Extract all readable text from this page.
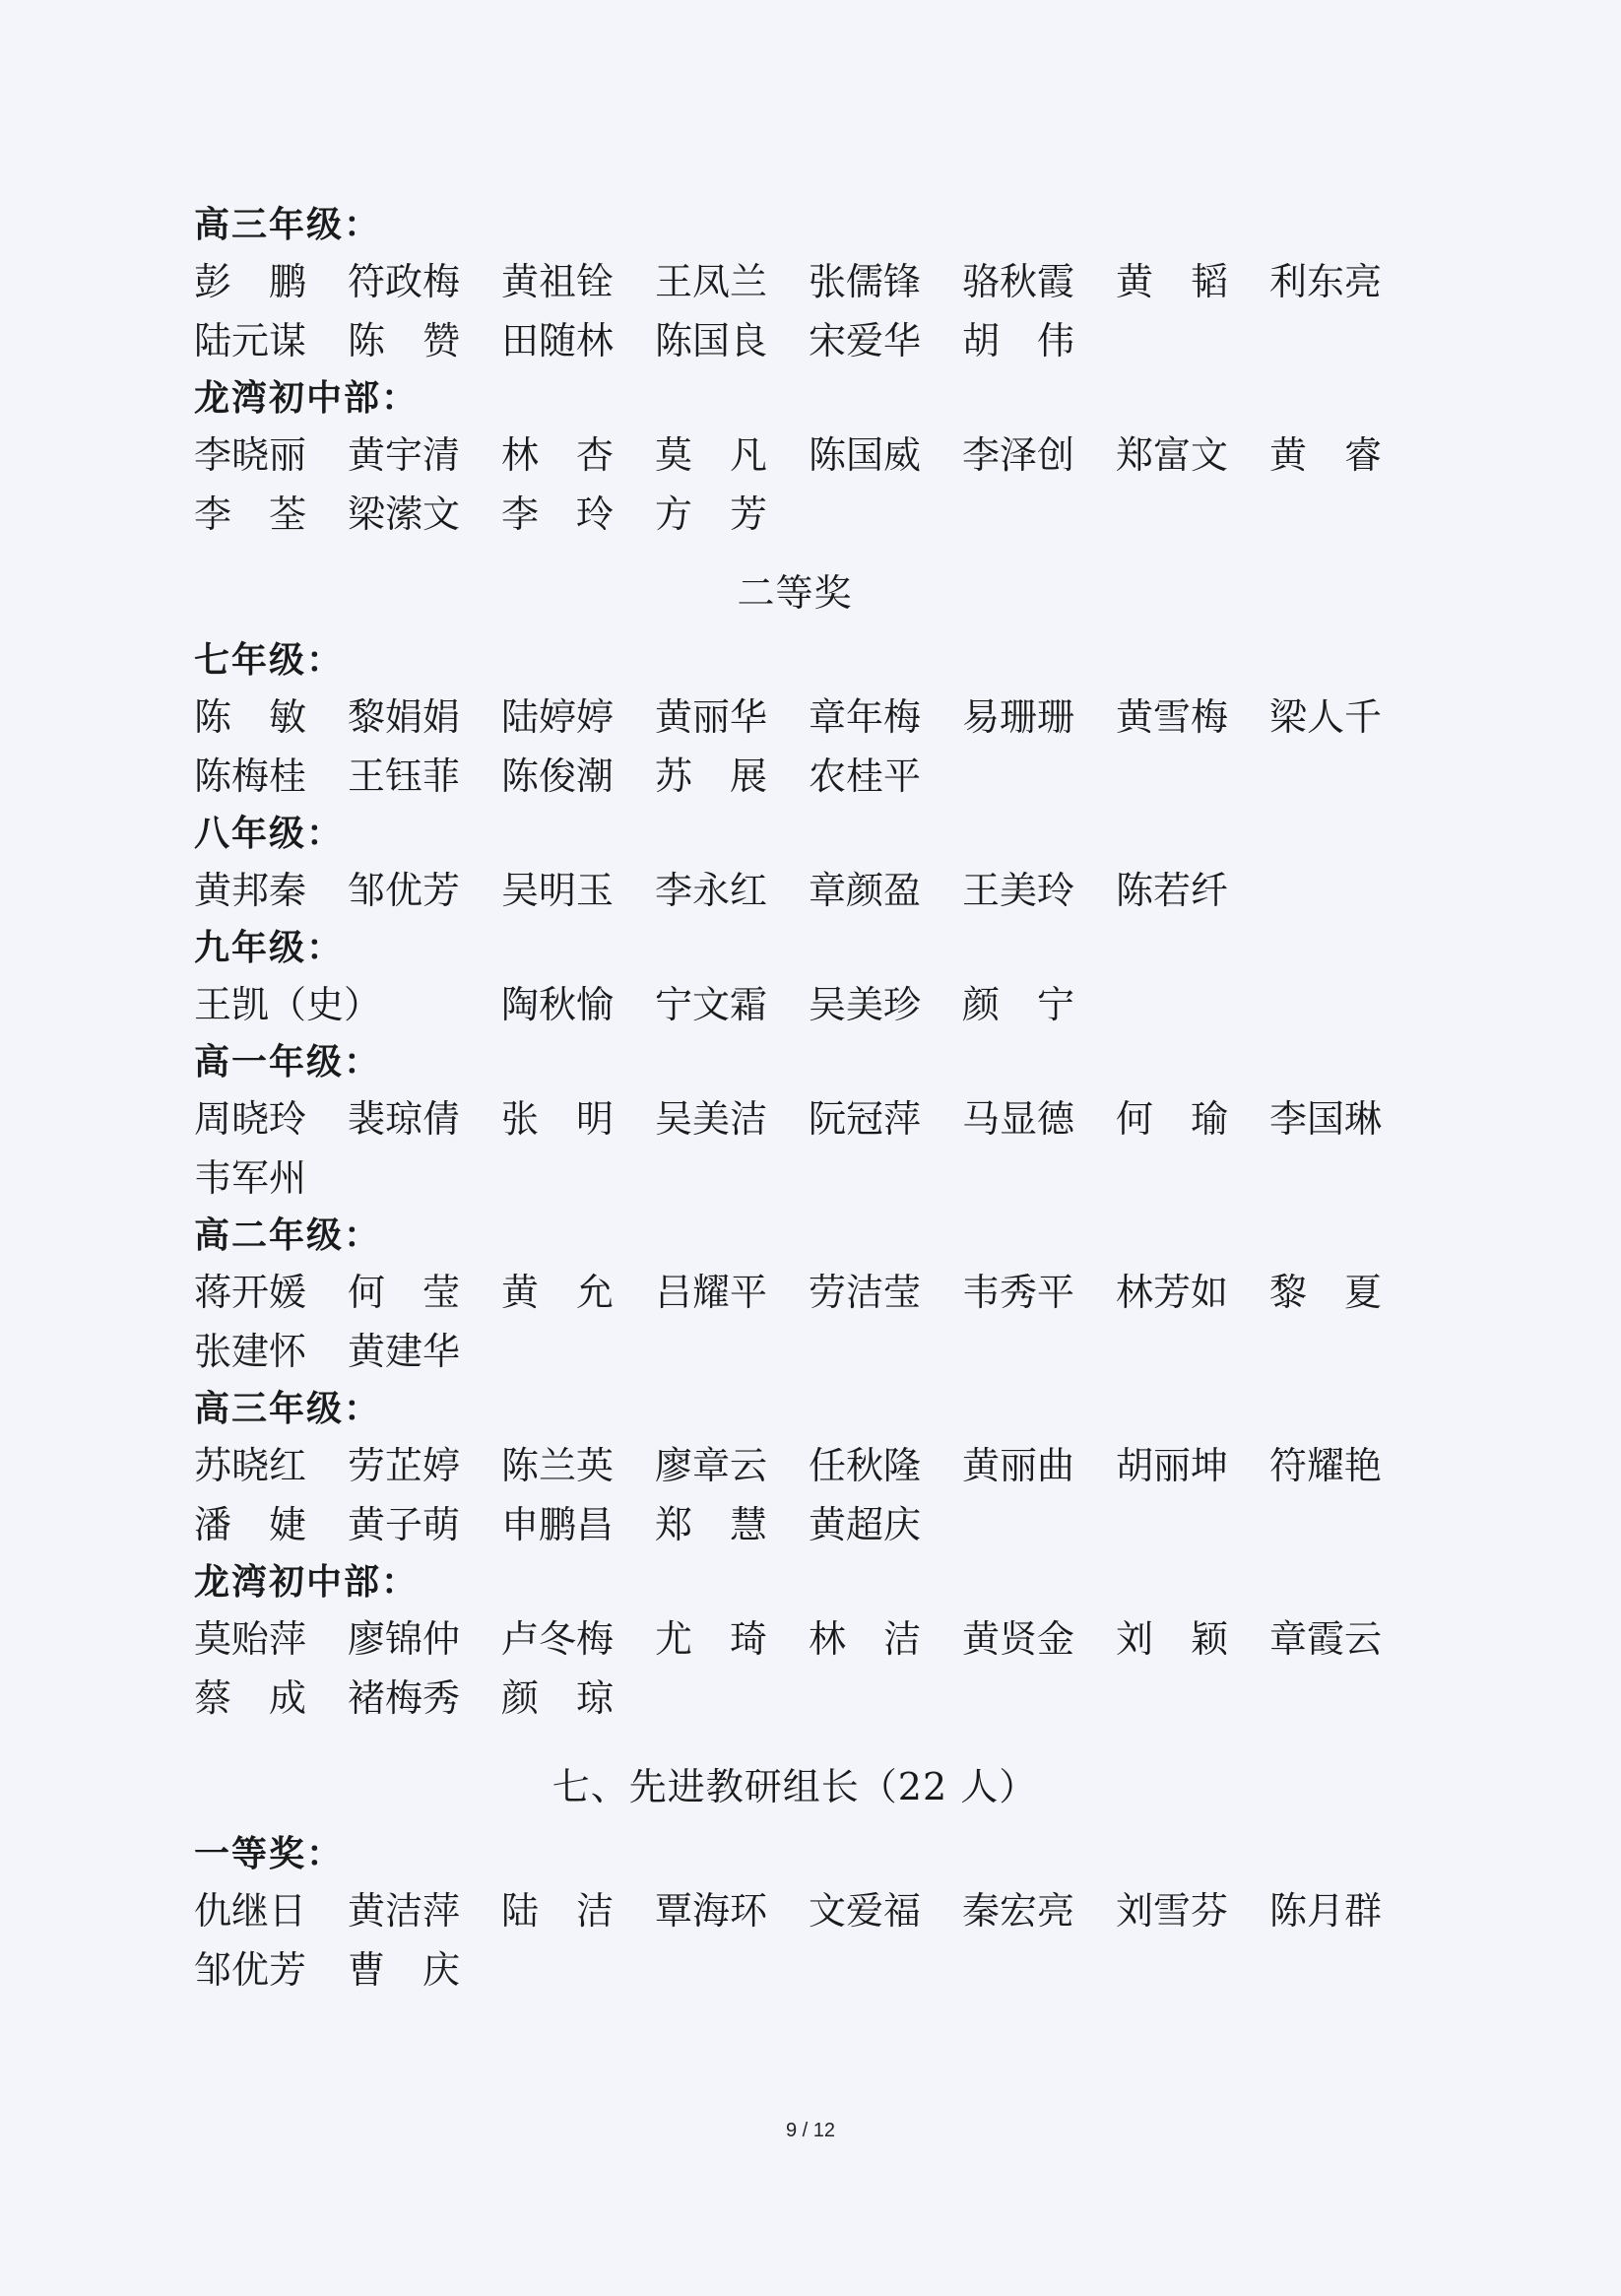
高三年级：
彭　鹏 符政梅 黄祖铨 王凤兰 张儒锋 骆秋霞 黄　韬 利东亮
陆元谋 陈　赞 田随林 陈国良 宋爱华 胡　伟
龙湾初中部：
李晓丽 黄宇清 林　杏 莫　凡 陈国威 李泽创 郑富文 黄　睿
李　荃 梁潆文 李　玲 方　芳
二等奖
七年级：
陈　敏 黎娟娟 陆婷婷 黄丽华 章年梅 易珊珊 黄雪梅 梁人千
陈梅桂 王钰菲 陈俊潮 苏　展 农桂平
八年级：
黄邦秦 邹优芳 吴明玉 李永红 章颜盈 王美玲 陈若纤
九年级：
王凯（史）	陶秋愉 宁文霜 吴美珍 颜　宁
高一年级：
周晓玲 裴琼倩 张　明 吴美洁 阮冠萍 马显德 何　瑜 李国琳
韦军州
高二年级：
蒋开媛 何　莹 黄　允 吕耀平 劳洁莹 韦秀平 林芳如 黎　夏
张建怀 黄建华
高三年级：
苏晓红 劳芷婷 陈兰英 廖章云 任秋隆 黄丽曲 胡丽坤 符耀艳
潘　婕 黄子萌 申鹏昌 郑　慧 黄超庆
龙湾初中部：
莫贻萍 廖锦仲 卢冬梅 尤　琦 林　洁 黄贤金 刘　颖 章霞云
蔡　成 褚梅秀 颜　琼
七、先进教研组长（22 人）
一等奖：
仇继日 黄洁萍 陆　洁 覃海环 文爱福 秦宏亮 刘雪芬 陈月群
邹优芳 曹　庆
9 / 12
